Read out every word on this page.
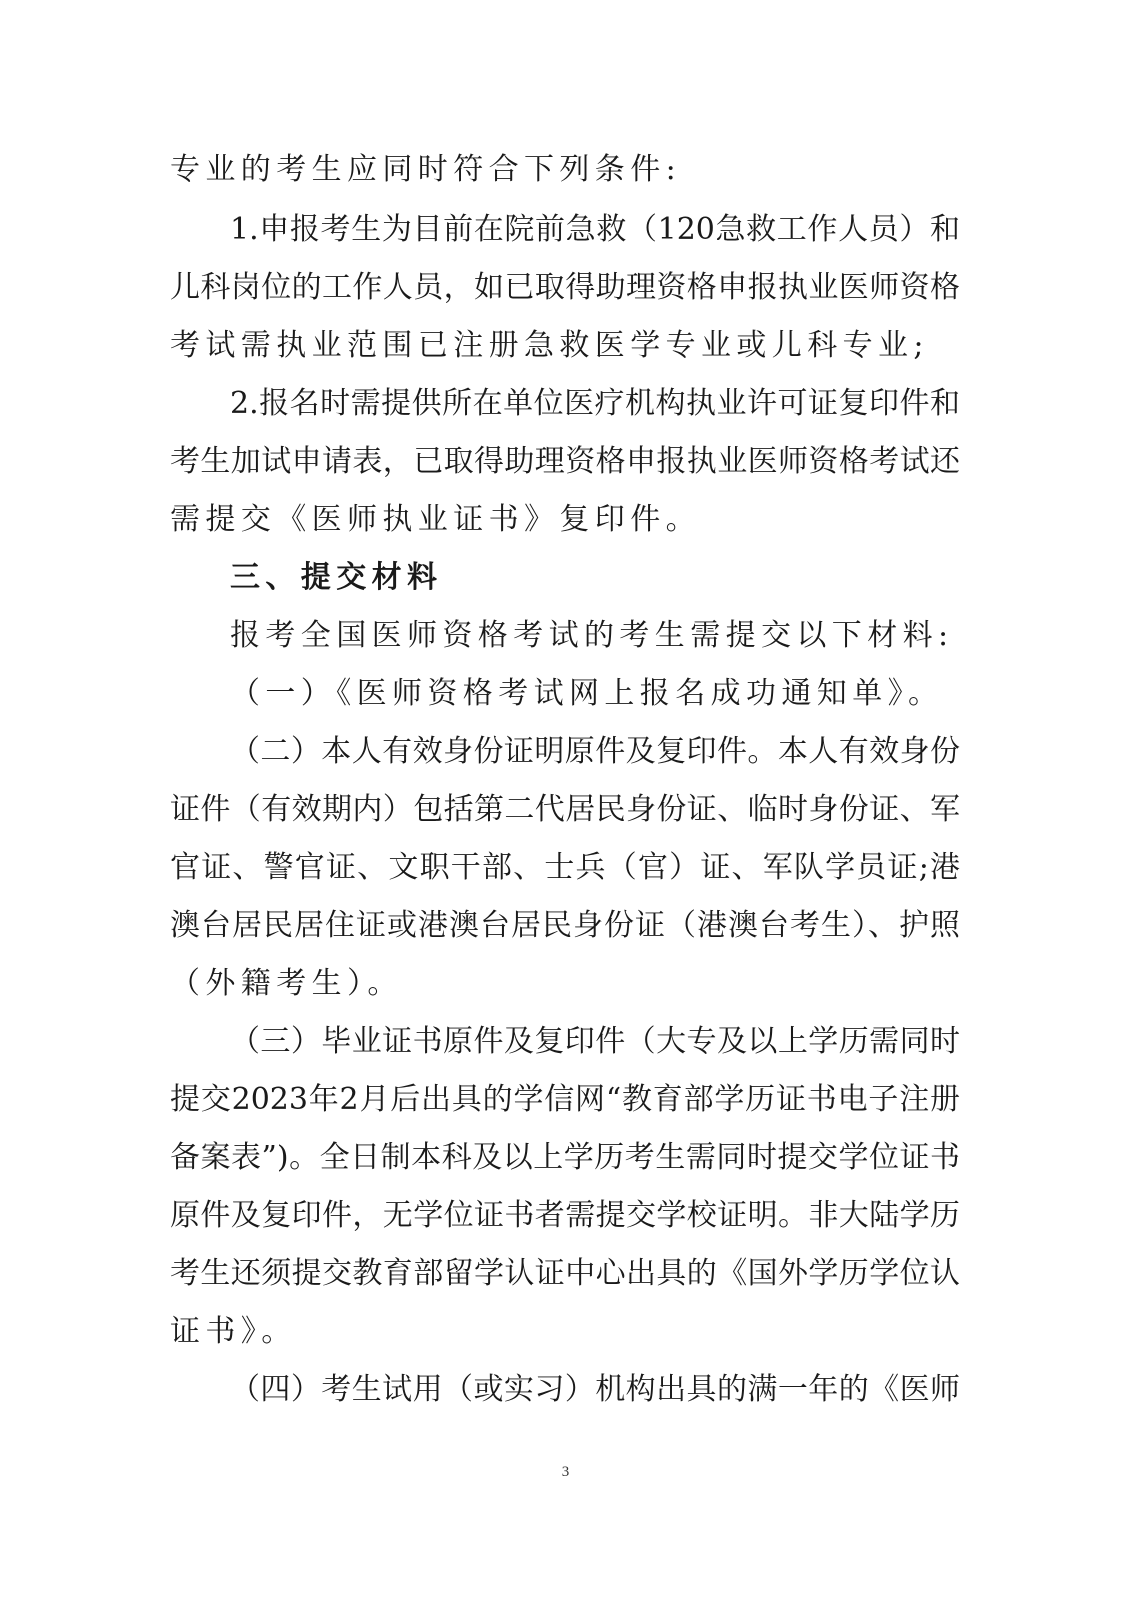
专业的考生应同时符合下列条件:
1.申报考生为目前在院前急救（120急救工作人员）和
儿科岗位的工作人员，如已取得助理资格申报执业医师资格
考试需执业范围已注册急救医学专业或儿科专业;
2.报名时需提供所在单位医疗机构执业许可证复印件和
考生加试申请表，已取得助理资格申报执业医师资格考试还
需提交《医师执业证书》复印件。
三、提交材料
报考全国医师资格考试的考生需提交以下材料:
（一）《医师资格考试网上报名成功通知单》。
（二）本人有效身份证明原件及复印件。本人有效身份
证件（有效期内）包括第二代居民身份证、临时身份证、军
官证、警官证、文职干部、士兵（官）证、军队学员证;港
澳台居民居住证或港澳台居民身份证（港澳台考生）、护照
（外籍考生）。
（三）毕业证书原件及复印件（大专及以上学历需同时
提交2023年2月后出具的学信网“教育部学历证书电子注册
备案表”)。全日制本科及以上学历考生需同时提交学位证书
原件及复印件，无学位证书者需提交学校证明。非大陆学历
考生还须提交教育部留学认证中心出具的《国外学历学位认
证书》。
（四）考生试用（或实习）机构出具的满一年的《医师
3
